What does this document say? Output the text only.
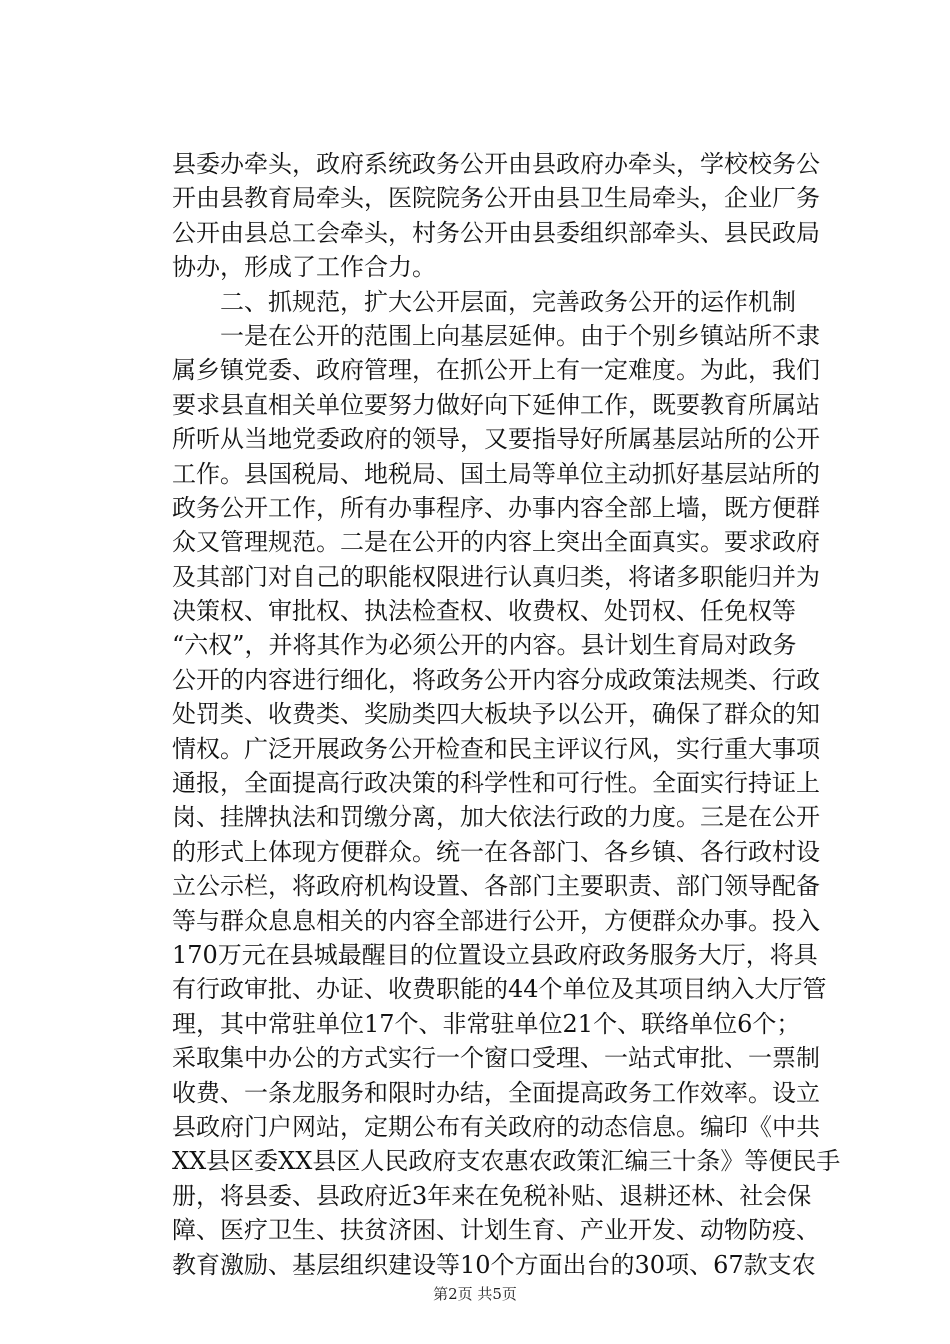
县委办牵头，政府系统政务公开由县政府办牵头，学校校务公
开由县教育局牵头，医院院务公开由县卫生局牵头，企业厂务
公开由县总工会牵头，村务公开由县委组织部牵头、县民政局
协办，形成了工作合力。
　　二、抓规范，扩大公开层面，完善政务公开的运作机制
　　一是在公开的范围上向基层延伸。由于个别乡镇站所不隶
属乡镇党委、政府管理，在抓公开上有一定难度。为此，我们
要求县直相关单位要努力做好向下延伸工作，既要教育所属站
所听从当地党委政府的领导，又要指导好所属基层站所的公开
工作。县国税局、地税局、国土局等单位主动抓好基层站所的
政务公开工作，所有办事程序、办事内容全部上墙，既方便群
众又管理规范。二是在公开的内容上突出全面真实。要求政府
及其部门对自己的职能权限进行认真归类，将诸多职能归并为
决策权、审批权、执法检查权、收费权、处罚权、任免权等
“六权”，并将其作为必须公开的内容。县计划生育局对政务
公开的内容进行细化，将政务公开内容分成政策法规类、行政
处罚类、收费类、奖励类四大板块予以公开，确保了群众的知
情权。广泛开展政务公开检查和民主评议行风，实行重大事项
通报，全面提高行政决策的科学性和可行性。全面实行持证上
岗、挂牌执法和罚缴分离，加大依法行政的力度。三是在公开
的形式上体现方便群众。统一在各部门、各乡镇、各行政村设
立公示栏，将政府机构设置、各部门主要职责、部门领导配备
等与群众息息相关的内容全部进行公开，方便群众办事。投入
170万元在县城最醒目的位置设立县政府政务服务大厅，将具
有行政审批、办证、收费职能的44个单位及其项目纳入大厅管
理，其中常驻单位17个、非常驻单位21个、联络单位6个；
采取集中办公的方式实行一个窗口受理、一站式审批、一票制
收费、一条龙服务和限时办结，全面提高政务工作效率。设立
县政府门户网站，定期公布有关政府的动态信息。编印《中共
XX县区委XX县区人民政府支农惠农政策汇编三十条》等便民手
册，将县委、县政府近3年来在免税补贴、退耕还林、社会保
障、医疗卫生、扶贫济困、计划生育、产业开发、动物防疫、
教育激励、基层组织建设等10个方面出台的30项、67款支农
第2页 共5页
